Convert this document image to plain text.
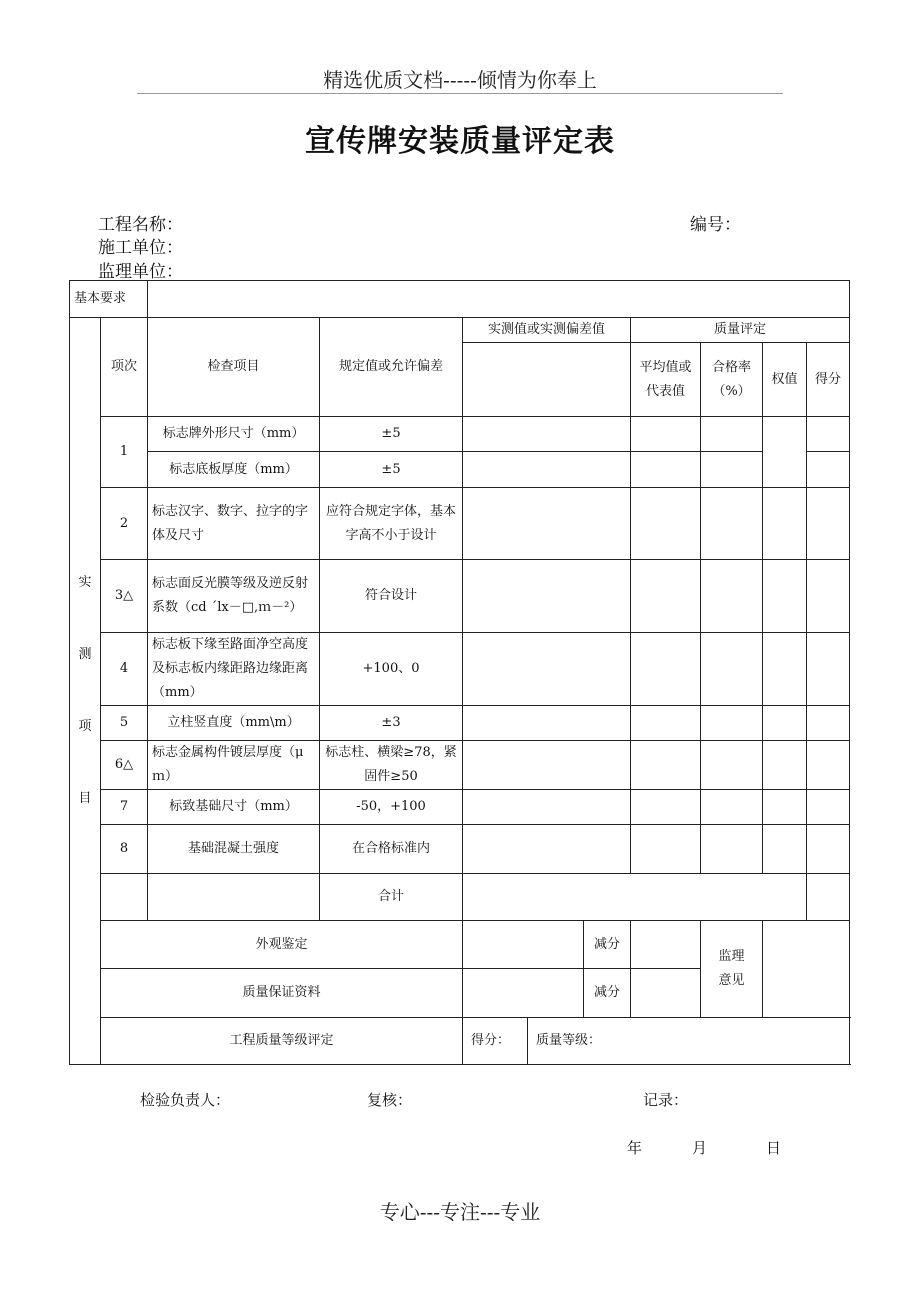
精选优质文档-----倾情为你奉上
宣传牌安装质量评定表
工程名称：	编号：
施工单位：
监理单位：
基本要求											
实
测
项
目	项次	检查项目	规定值或允许偏差	实测值或实测偏差值			质量评定				
							平均值或代表值	合格率（%）	权值	得分	
	1	标志牌外形尺寸（mm）	±5								
		标志底板厚度（mm）	±5								
	2	标志汉字、数字、拉字的字体及尺寸	应符合规定字体，基本字高不小于设计								
	3△	标志面反光膜等级及逆反射系数（cd ˊlx－□,ｍ－²）	符合设计								
	4	标志板下缘至路面净空高度及标志板内缘距路边缘距离（mm）	+100、0								
	5	立柱竖直度（mm\m）	±3								
	6△	标志金属构件镀层厚度（μｍ）	标志柱、横梁≥78，紧固件≥50								
	7	标致基础尺寸（mm）	-50，+100								
	8	基础混凝土强度	在合格标准内								
			合计								
	外观鉴定					减分		监理意见			
	质量保证资料					减分					
	工程质量等级评定			得分：	质量等级：						
检验负责人：	复核：	记录：
年	月	日
专心---专注---专业
